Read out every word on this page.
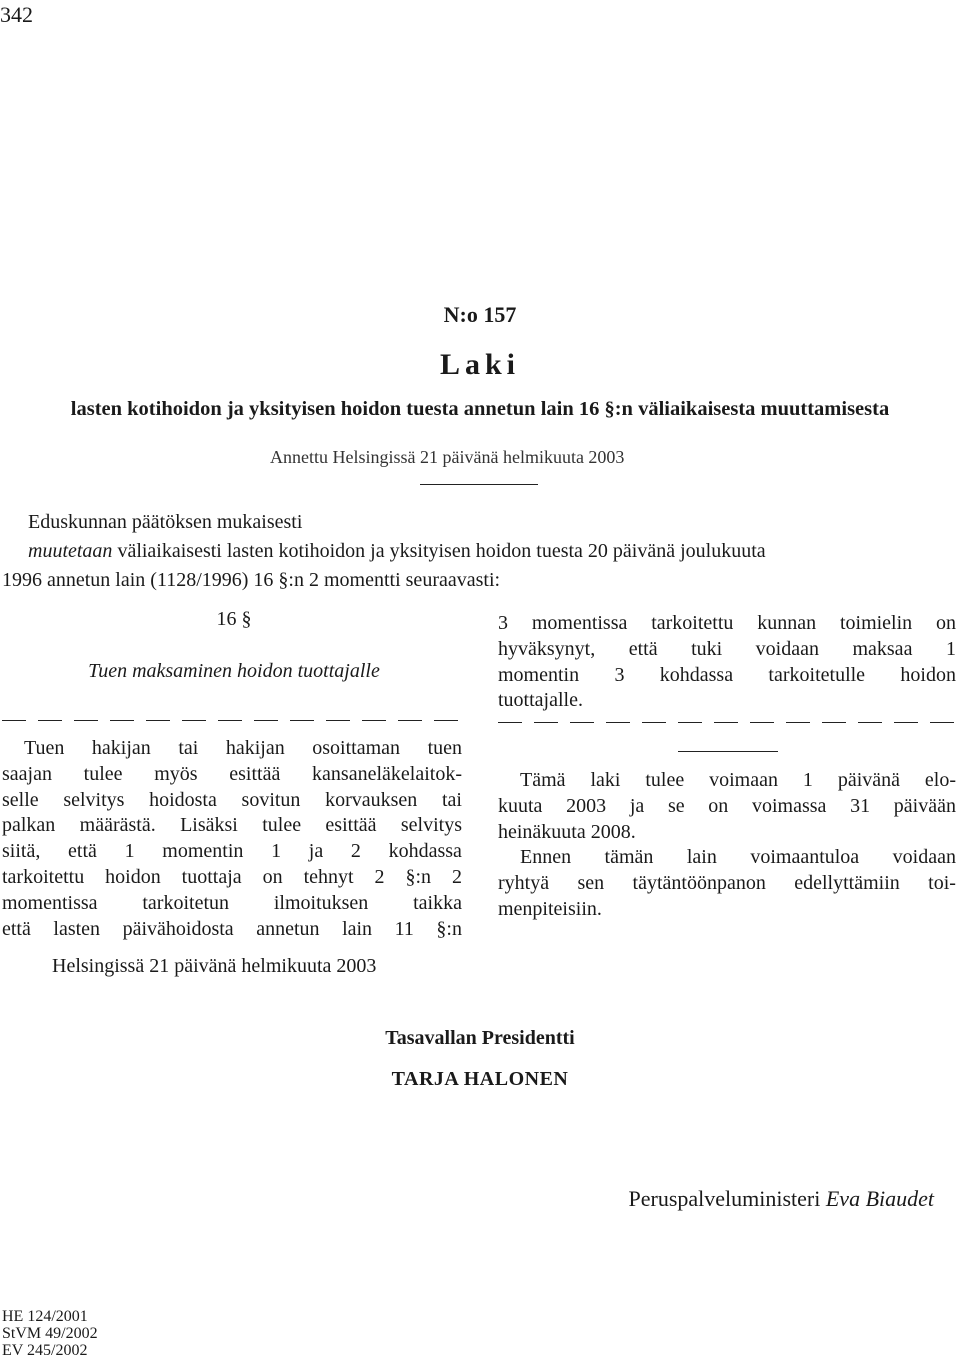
342
N:o 157
Laki
lasten kotihoidon ja yksityisen hoidon tuesta annetun lain 16 §:n väliaikaisesta muuttamisesta
Annettu Helsingissä 21 päivänä helmikuuta 2003
Eduskunnan päätöksen mukaisesti
muutetaan väliaikaisesti lasten kotihoidon ja yksityisen hoidon tuesta 20 päivänä joulukuuta
1996 annetun lain (1128/1996) 16 §:n 2 momentti seuraavasti:
16 §
Tuen maksaminen hoidon tuottajalle
Tuen hakijan tai hakijan osoittaman tuen
saajan tulee myös esittää kansaneläkelaitok-
selle selvitys hoidosta sovitun korvauksen tai
palkan määrästä. Lisäksi tulee esittää selvitys
siitä, että 1 momentin 1 ja 2 kohdassa
tarkoitettu hoidon tuottaja on tehnyt 2 §:n 2
momentissa tarkoitetun ilmoituksen taikka
että lasten päivähoidosta annetun lain 11 §:n
3 momentissa tarkoitettu kunnan toimielin on
hyväksynyt, että tuki voidaan maksaa 1
momentin 3 kohdassa tarkoitetulle hoidon
tuottajalle.
Tämä laki tulee voimaan 1 päivänä elo-
kuuta 2003 ja se on voimassa 31 päivään
heinäkuuta 2008.
Ennen tämän lain voimaantuloa voidaan
ryhtyä sen täytäntöönpanon edellyttämiin toi-
menpiteisiin.
Helsingissä 21 päivänä helmikuuta 2003
Tasavallan Presidentti
TARJA HALONEN
Peruspalveluministeri Eva Biaudet
HE 124/2001
StVM 49/2002
EV 245/2002
